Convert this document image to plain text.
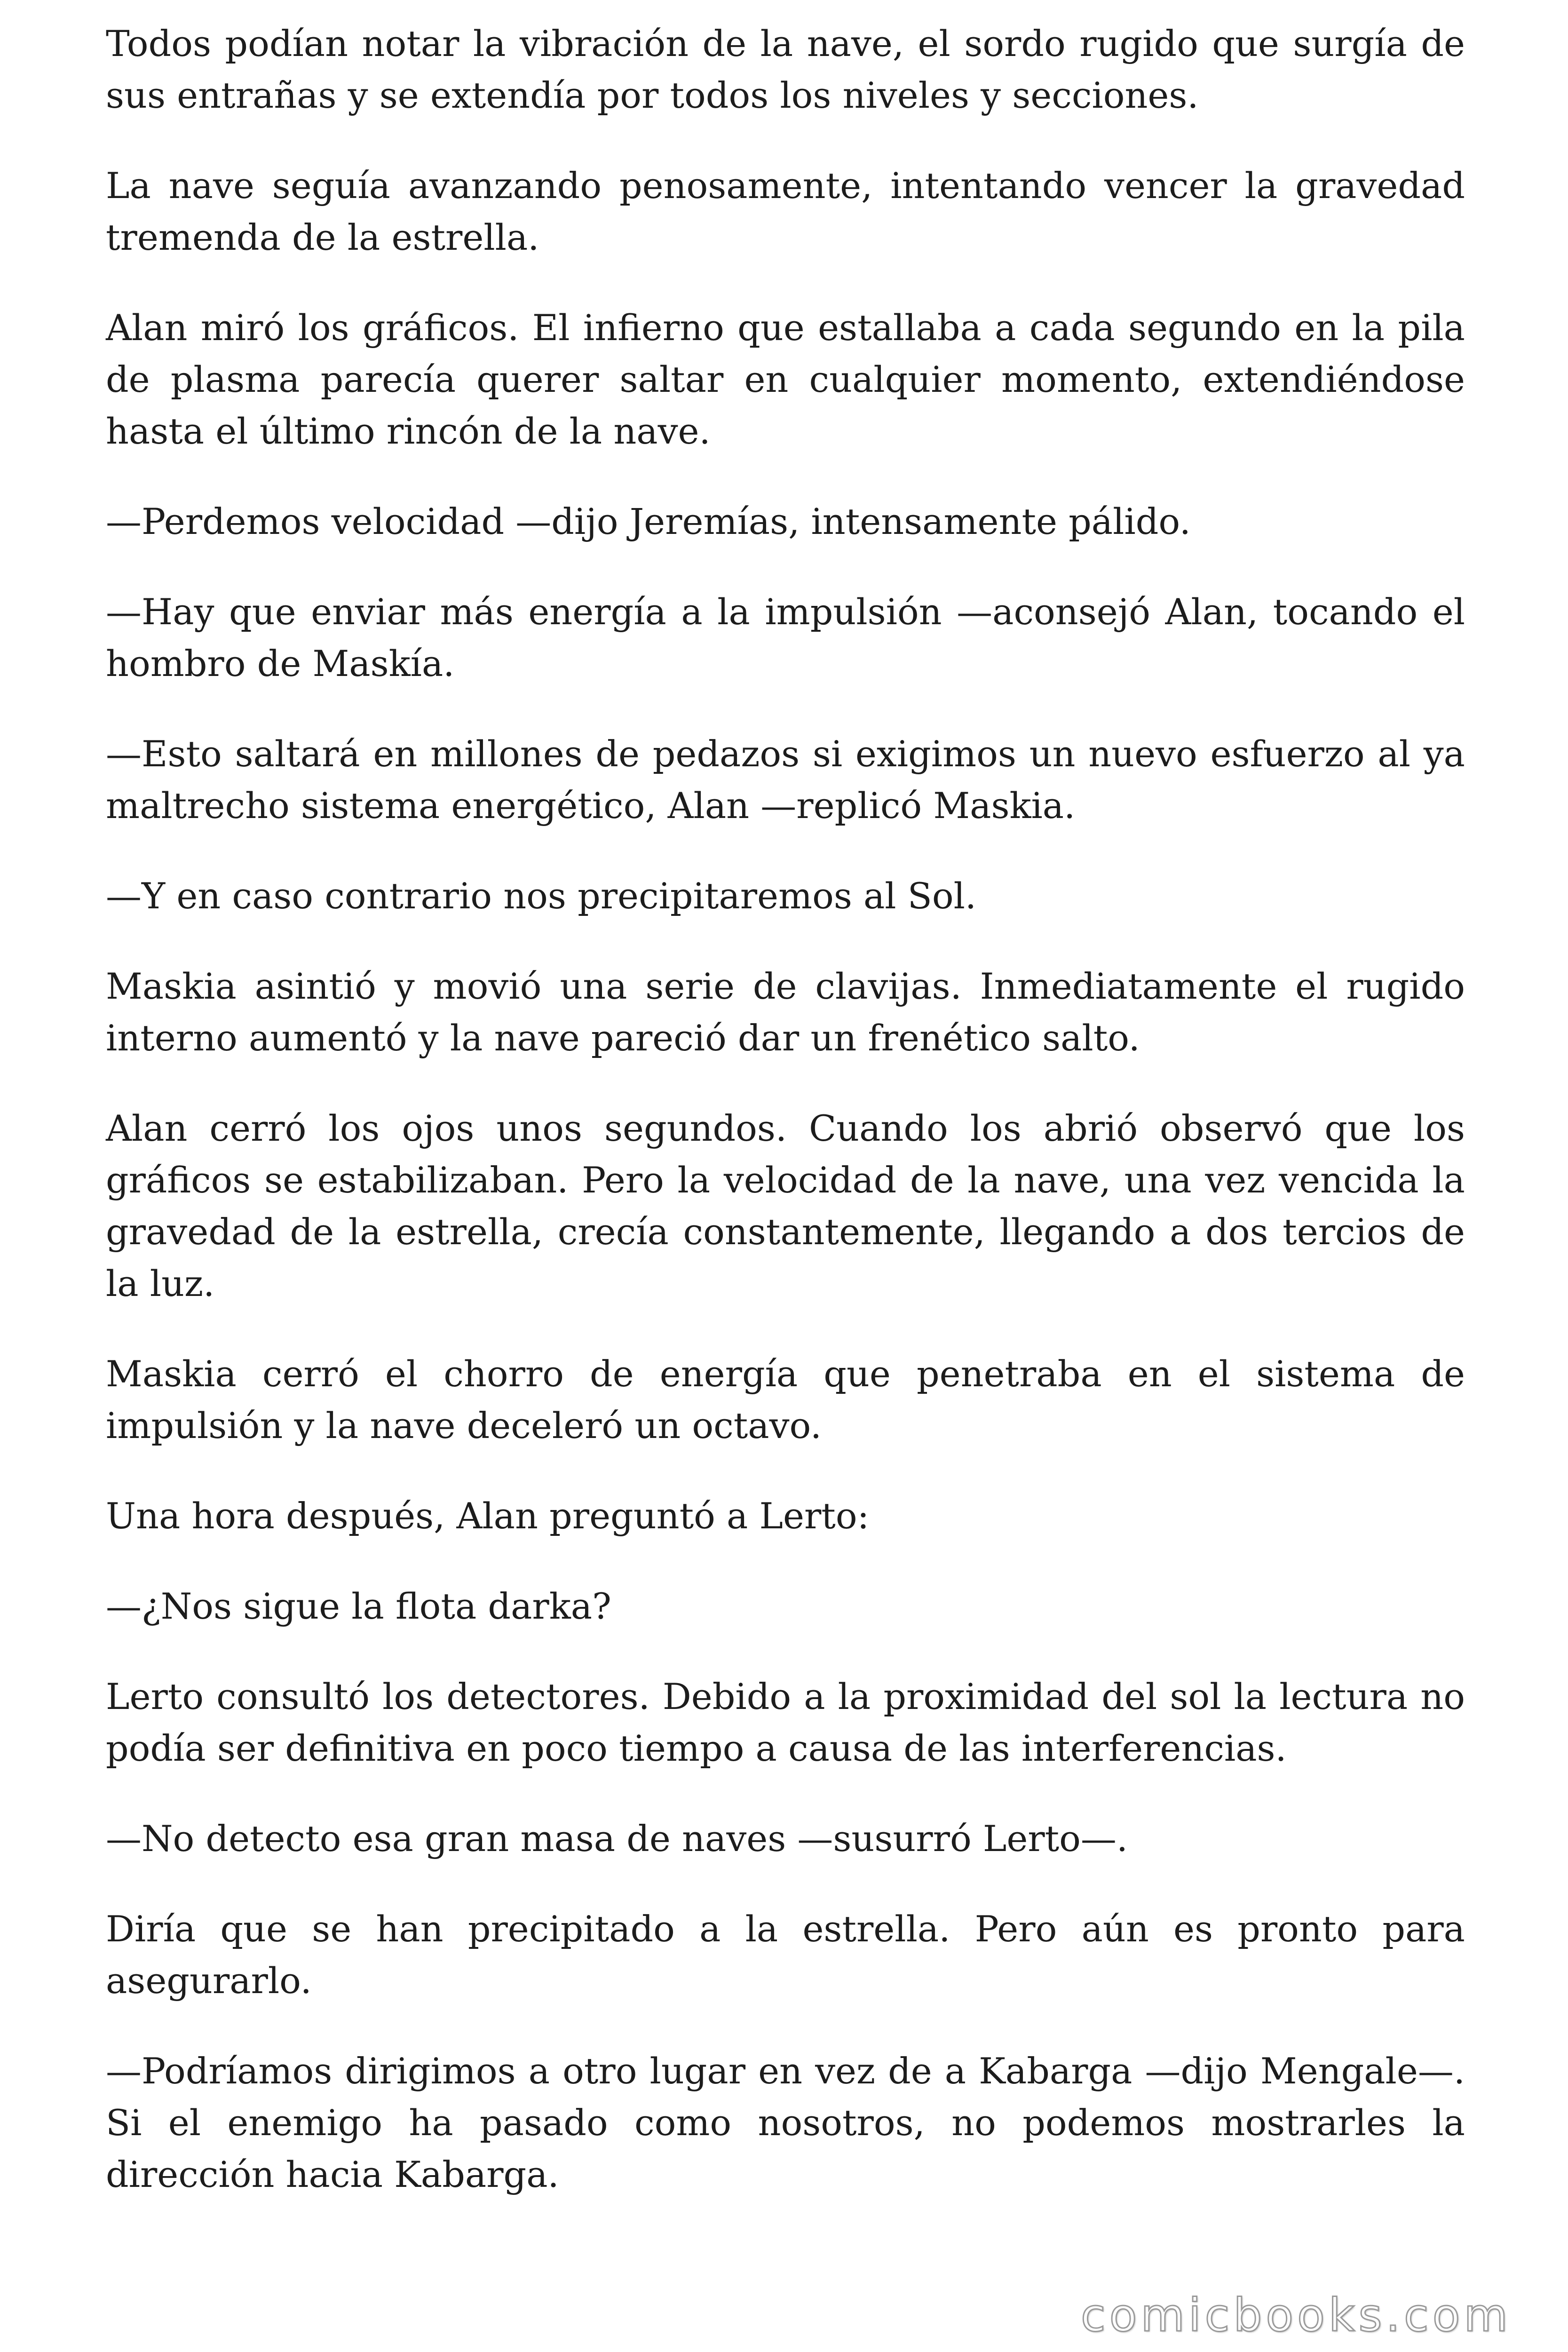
Todos podían notar la vibración de la nave, el sordo rugido que surgía de sus entrañas y se extendía por todos los niveles y secciones.

La nave seguía avanzando penosamente, intentando vencer la gravedad tremenda de la estrella.

Alan miró los gráficos. El infierno que estallaba a cada segundo en la pila de plasma parecía querer saltar en cualquier momento, extendiéndose hasta el último rincón de la nave.

—Perdemos velocidad —dijo Jeremías, intensamente pálido.

—Hay que enviar más energía a la impulsión —aconsejó Alan, tocando el hombro de Maskía.

—Esto saltará en millones de pedazos si exigimos un nuevo esfuerzo al ya maltrecho sistema energético, Alan —replicó Maskia.

—Y en caso contrario nos precipitaremos al Sol.

Maskia asintió y movió una serie de clavijas. Inmediatamente el rugido interno aumentó y la nave pareció dar un frenético salto.

Alan cerró los ojos unos segundos. Cuando los abrió observó que los gráficos se estabilizaban. Pero la velocidad de la nave, una vez vencida la gravedad de la estrella, crecía constantemente, llegando a dos tercios de la luz.

Maskia cerró el chorro de energía que penetraba en el sistema de impulsión y la nave deceleró un octavo.

Una hora después, Alan preguntó a Lerto:

—¿Nos sigue la flota darka?

Lerto consultó los detectores. Debido a la proximidad del sol la lectura no podía ser definitiva en poco tiempo a causa de las interferencias.

—No detecto esa gran masa de naves —susurró Lerto—.

Diría que se han precipitado a la estrella. Pero aún es pronto para asegurarlo.

—Podríamos dirigimos a otro lugar en vez de a Kabarga —dijo Mengale—. Si el enemigo ha pasado como nosotros, no podemos mostrarles la dirección hacia Kabarga.

comicbooks.com
